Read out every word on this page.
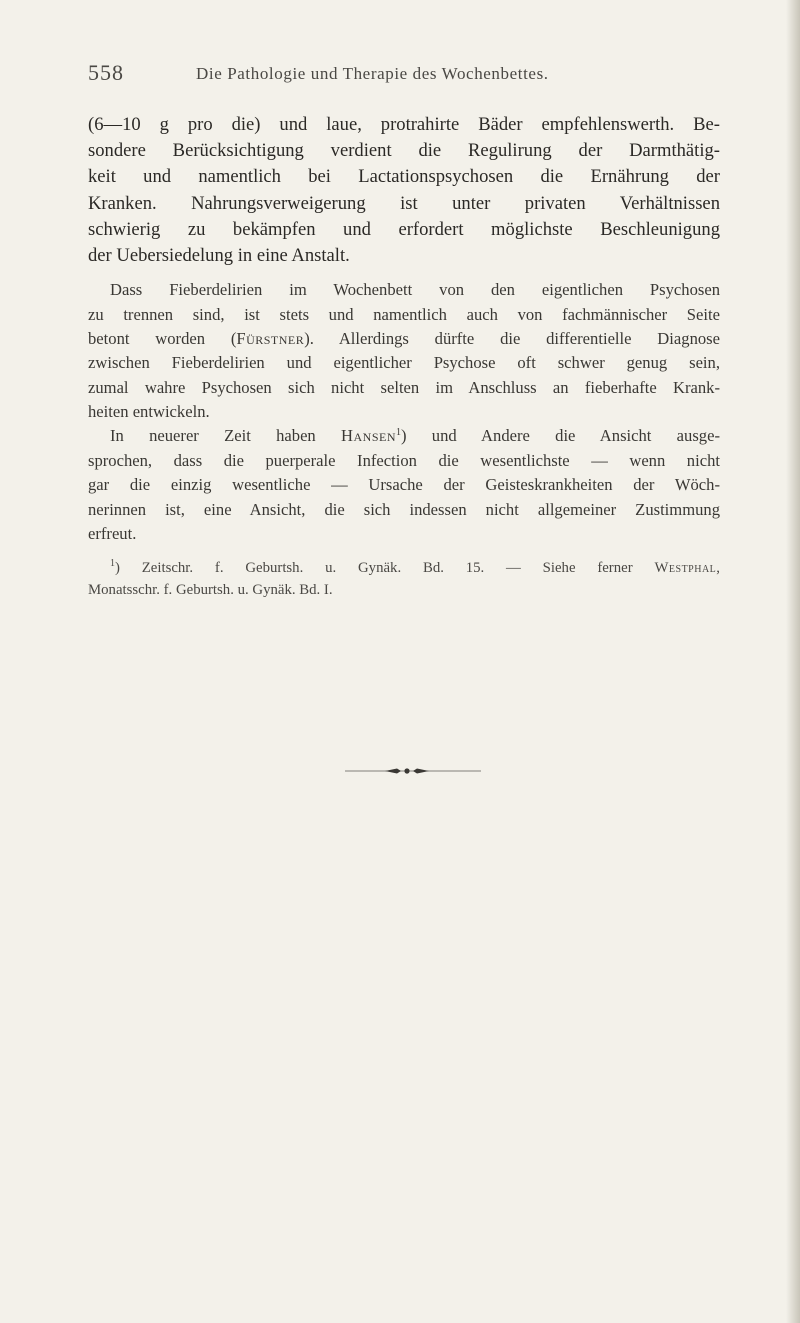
558	Die Pathologie und Therapie des Wochenbettes.
(6—10 g pro die) und laue, protrahirte Bäder empfehlenswerth. Be-
sondere Berücksichtigung verdient die Regulirung der Darmthätig-
keit und namentlich bei Lactationspsychosen die Ernährung der
Kranken. Nahrungsverweigerung ist unter privaten Verhältnissen
schwierig zu bekämpfen und erfordert möglichste Beschleunigung
der Uebersiedelung in eine Anstalt.
Dass Fieberdelirien im Wochenbett von den eigentlichen Psychosen
zu trennen sind, ist stets und namentlich auch von fachmännischer Seite
betont worden (Fürstner). Allerdings dürfte die differentielle Diagnose
zwischen Fieberdelirien und eigentlicher Psychose oft schwer genug sein,
zumal wahre Psychosen sich nicht selten im Anschluss an fieberhafte Krank-
heiten entwickeln.
In neuerer Zeit haben Hansen$^1$) und Andere die Ansicht ausge-
sprochen, dass die puerperale Infection die wesentlichste — wenn nicht
gar die einzig wesentliche — Ursache der Geisteskrankheiten der Wöch-
nerinnen ist, eine Ansicht, die sich indessen nicht allgemeiner Zustimmung
erfreut.
$^1$) Zeitschr. f. Geburtsh. u. Gynäk. Bd. 15. — Siehe ferner Westphal,
Monatsschr. f. Geburtsh. u. Gynäk. Bd. I.
